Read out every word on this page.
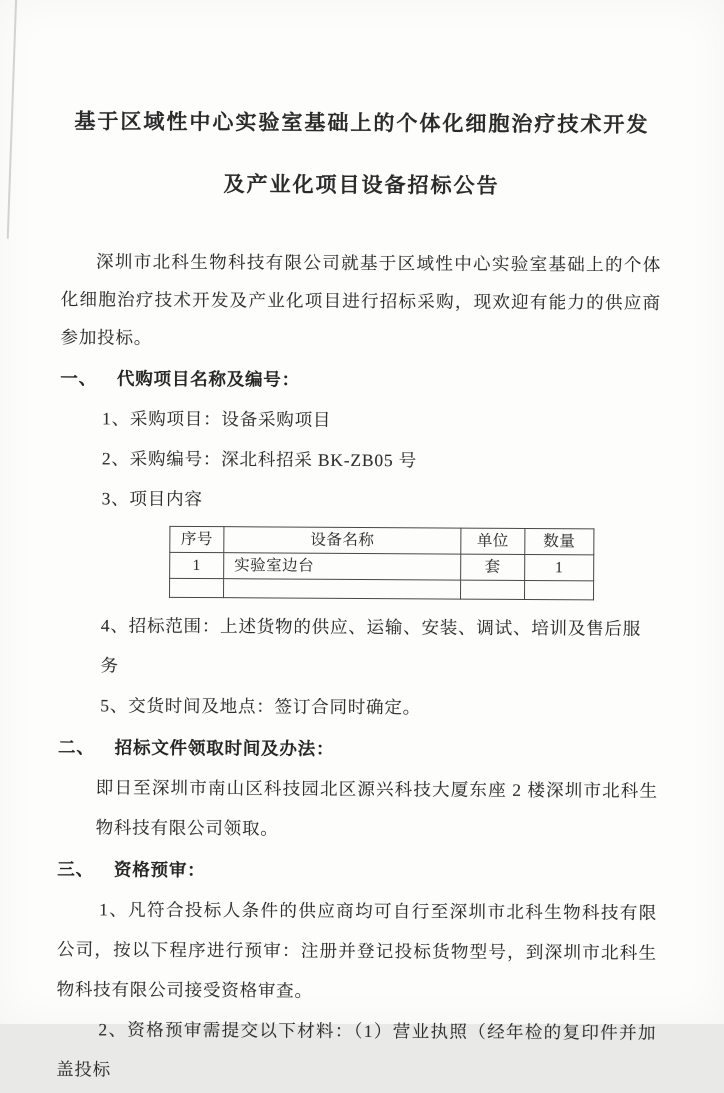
基于区域性中心实验室基础上的个体化细胞治疗技术开发
及产业化项目设备招标公告

深圳市北科生物科技有限公司就基于区域性中心实验室基础上的个体化细胞治疗技术开发及产业化项目进行招标采购，现欢迎有能力的供应商参加投标。

一、 代购项目名称及编号：

1、采购项目：设备采购项目

2、采购编号：深北科招采 BK-ZB05 号

3、项目内容

序号	设备名称	单位	数量
1	实验室边台	套	1

4、招标范围：上述货物的供应、运输、安装、调试、培训及售后服务

5、交货时间及地点：签订合同时确定。

二、 招标文件领取时间及办法：

即日至深圳市南山区科技园北区源兴科技大厦东座 2 楼深圳市北科生物科技有限公司领取。

三、 资格预审：

1、凡符合投标人条件的供应商均可自行至深圳市北科生物科技有限公司，按以下程序进行预审：注册并登记投标货物型号，到深圳市北科生物科技有限公司接受资格审查。

2、资格预审需提交以下材料：（1）营业执照（经年检的复印件并加盖投标
